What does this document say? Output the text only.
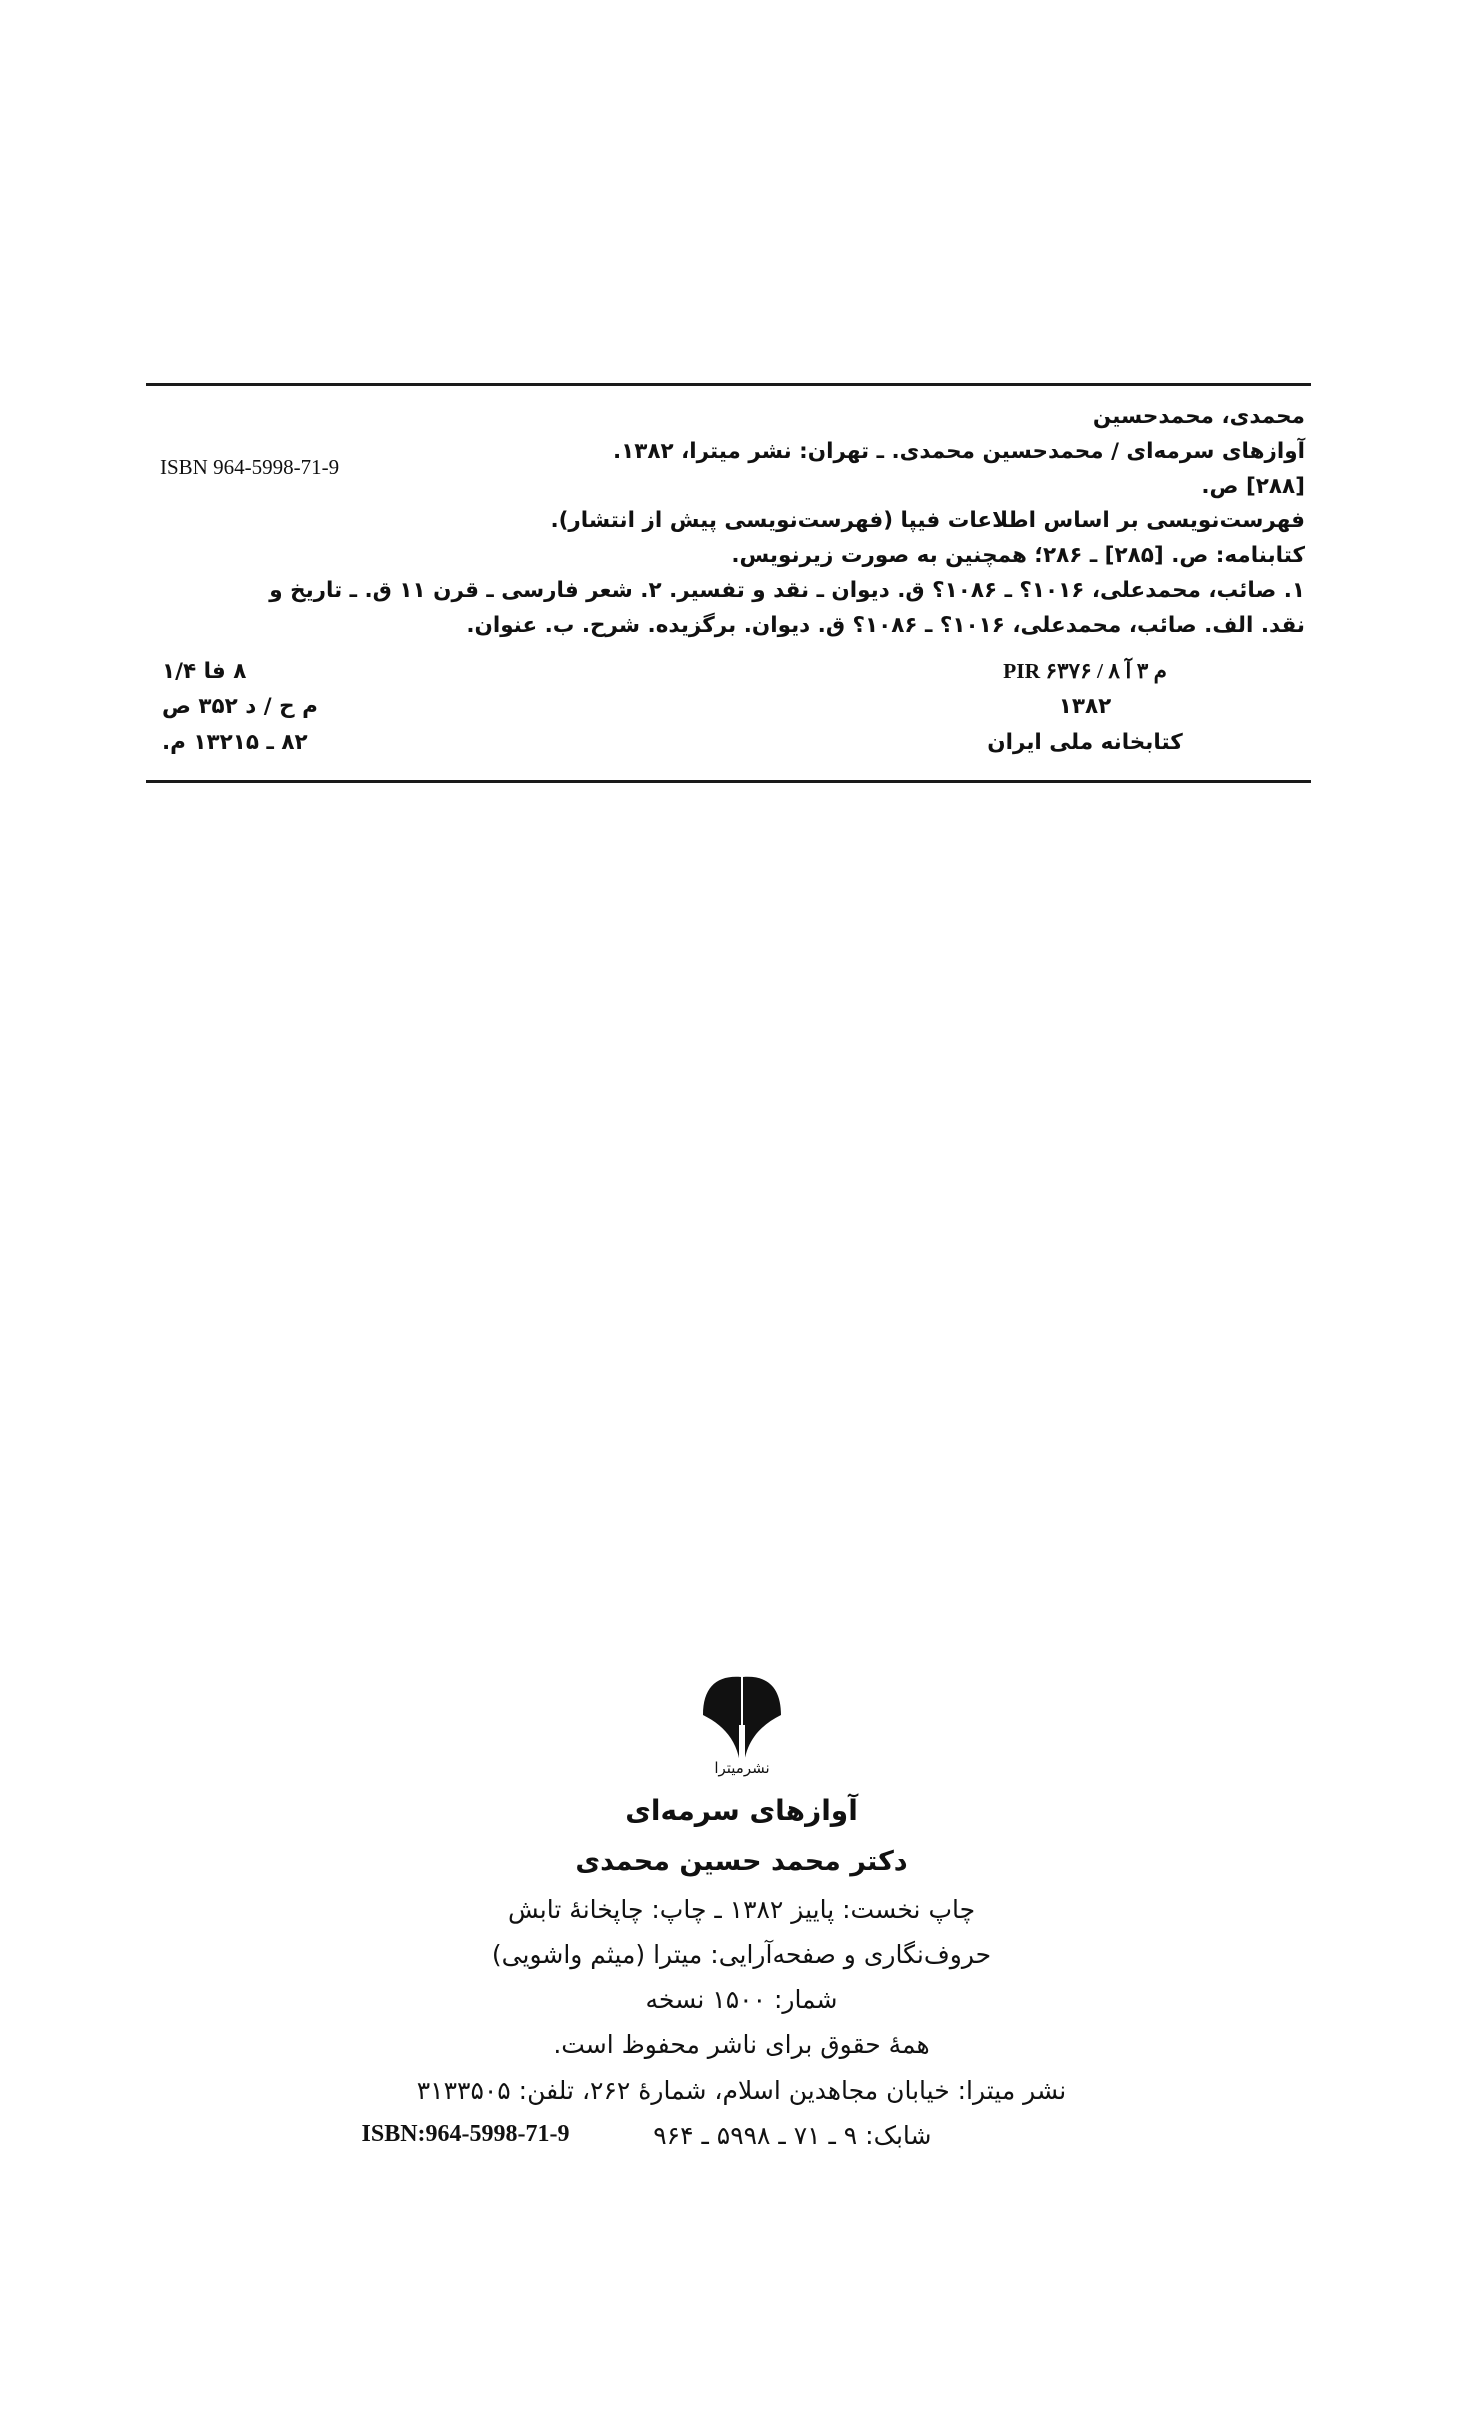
محمدی، محمدحسین
آوازهای سرمه‌ای / محمدحسین محمدی. ـ تهران: نشر میترا، ۱۳۸۲.
[۲۸۸] ص.
فهرست‌نویسی بر اساس اطلاعات فیپا (فهرست‌نویسی پیش از انتشار).
کتابنامه: ص. [۲۸۵] ـ ۲۸۶؛ همچنین به صورت زیرنویس.
۱. صائب، محمدعلی، ۱۰۱۶؟ ـ ۱۰۸۶؟ ق. دیوان ـ نقد و تفسیر. ۲. شعر فارسی ـ قرن ۱۱ ق. ـ تاریخ و
نقد. الف. صائب، محمدعلی، ۱۰۱۶؟ ـ ۱۰۸۶؟ ق. دیوان. برگزیده. شرح. ب. عنوان.
ISBN 964-5998-71-9
PIR ۶۳۷۶ / م ۳ آ ۸
۱۳۸۲
کتابخانه ملی ایران
۸ ‌فا ۱/۴
م ح / د ۳۵۲ ص
۸۲ ـ ۱۳۲۱۵ م.
نشرمیترا
آوازهای سرمه‌ای
دکتر محمد حسین محمدی
چاپ نخست: پاییز ۱۳۸۲ ـ چاپ: چاپخانهٔ تابش
حروف‌نگاری و صفحه‌آرایی: میترا (میثم واشویی)
شمار: ۱۵۰۰ نسخه
همهٔ حقوق برای ناشر محفوظ است.
نشر میترا: خیابان مجاهدین اسلام، شمارهٔ ۲۶۲، تلفن: ۳۱۳۳۵۰۵
شابک: ۹ ـ ۷۱ ـ ۵۹۹۸ ـ ۹۶۴
ISBN:964-5998-71-9
